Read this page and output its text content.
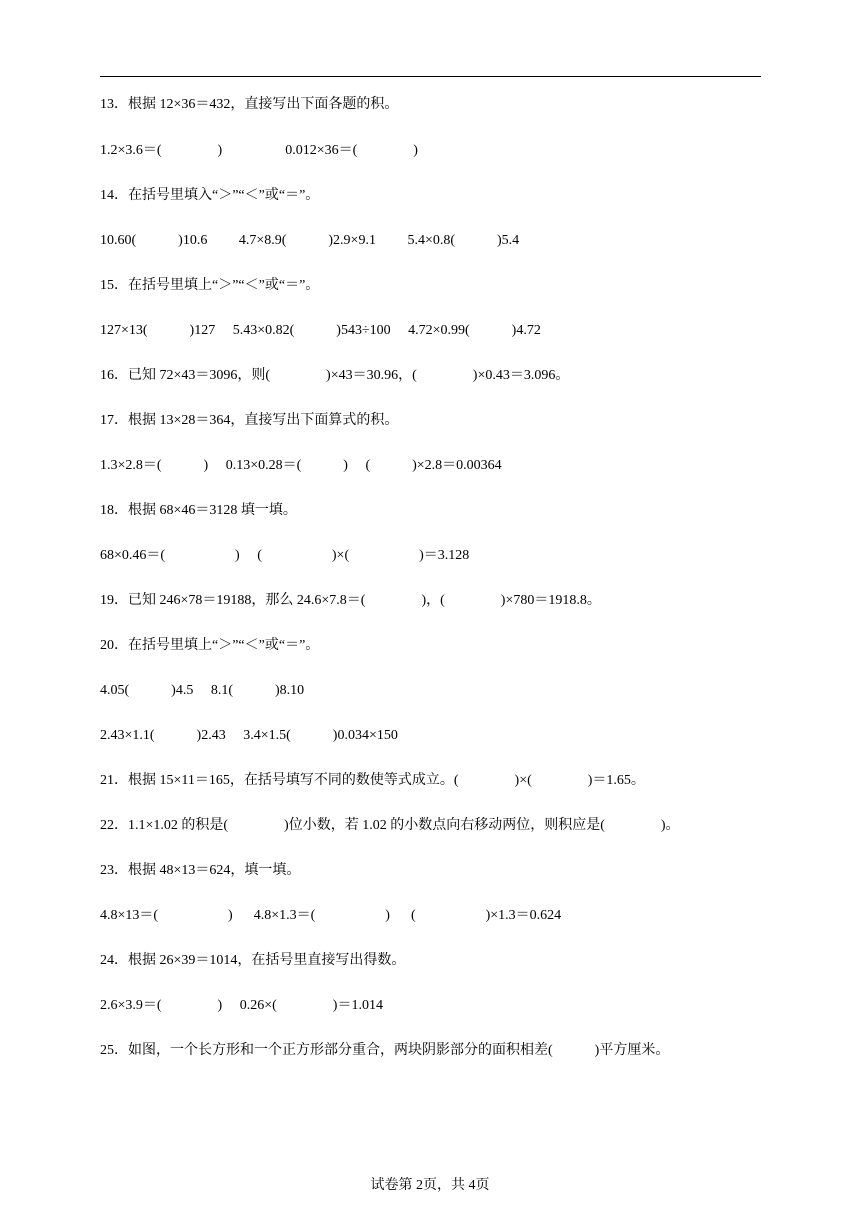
13．根据 12×36＝432，直接写出下面各题的积。
1.2×3.6＝(                )                  0.012×36＝(                )
14．在括号里填入“＞”“＜”或“＝”。
10.60(            )10.6         4.7×8.9(            )2.9×9.1         5.4×0.8(            )5.4
15．在括号里填上“＞”“＜”或“＝”。
127×13(            )127     5.43×0.82(            )543÷100     4.72×0.99(            )4.72
16．已知 72×43＝3096，则(                )×43＝30.96，(                )×0.43＝3.096。
17．根据 13×28＝364，直接写出下面算式的积。
1.3×2.8＝(            )     0.13×0.28＝(            )     (            )×2.8＝0.00364
18．根据 68×46＝3128 填一填。
68×0.46＝(                    )     (                    )×(                    )＝3.128
19．已知 246×78＝19188，那么 24.6×7.8＝(                )，(                )×780＝1918.8。
20．在括号里填上“＞”“＜”或“＝”。
4.05(            )4.5     8.1(            )8.10
2.43×1.1(            )2.43     3.4×1.5(            )0.034×150
21．根据 15×11＝165，在括号填写不同的数使等式成立。(                )×(                )＝1.65。
22．1.1×1.02 的积是(                )位小数，若 1.02 的小数点向右移动两位，则积应是(                )。
23．根据 48×13＝624，填一填。
4.8×13＝(                    )      4.8×1.3＝(                    )      (                    )×1.3＝0.624
24．根据 26×39＝1014，在括号里直接写出得数。
2.6×3.9＝(                )     0.26×(                )＝1.014
25．如图，一个长方形和一个正方形部分重合，两块阴影部分的面积相差(            )平方厘米。
试卷第 2页，共 4页
